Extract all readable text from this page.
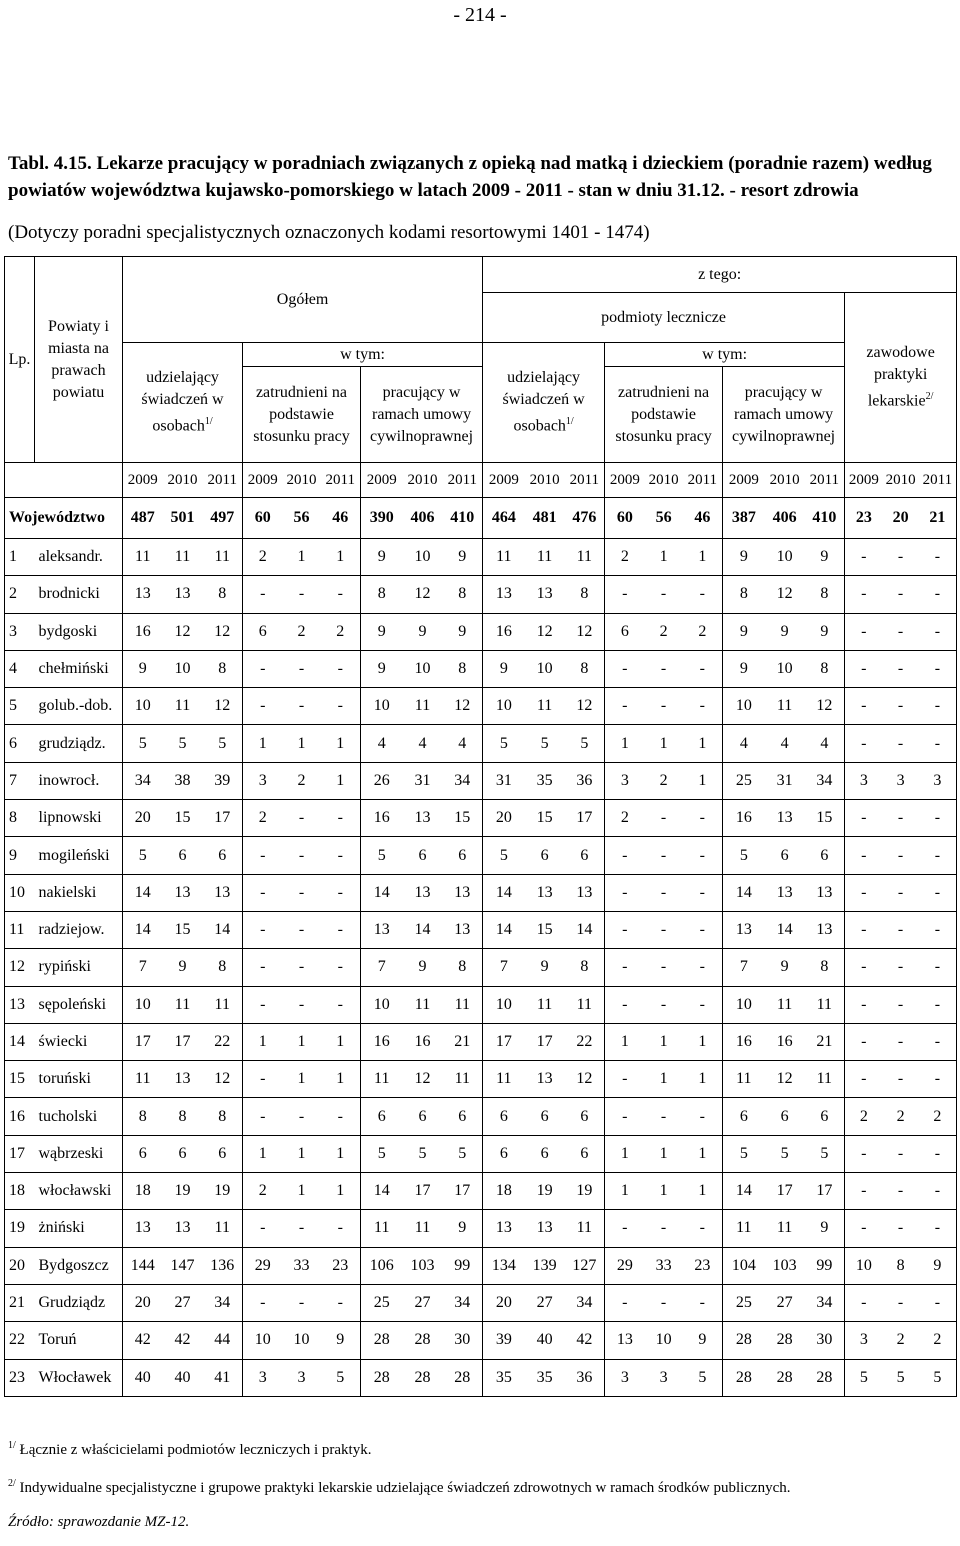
- 214 -
Tabl. 4.15. Lekarze pracujący w poradniach związanych z opieką nad matką i dzieckiem (poradnie razem) według powiatów województwa kujawsko-pomorskiego w latach 2009 - 2011 - stan w dniu 31.12. - resort zdrowia
(Dotyczy poradni specjalistycznych oznaczonych kodami resortowymi 1401 - 1474)
Lp.	Powiaty i miasta na prawach powiatu	Ogółem									z tego:											
											podmioty lecznicze									zawodowe praktyki lekarskie$^{2/}$
		udzielający świadczeń w osobach$^{1/}$			w tym:						udzielający świadczeń w osobach$^{1/}$			w tym:								
					zatrudnieni na podstawie stosunku pracy			pracujący w ramach umowy cywilnoprawnej						zatrudnieni na podstawie stosunku pracy			pracujący w ramach umowy cywilnoprawnej					
		2009	2010	2011	2009	2010	2011	2009	2010	2011	2009	2010	2011	2009	2010	2011	2009	2010	2011	2009	2010	2011
Województwo		487	501	497	60	56	46	390	406	410	464	481	476	60	56	46	387	406	410	23	20	21
1	aleksandr.	11	11	11	2	1	1	9	10	9	11	11	11	2	1	1	9	10	9	-	-	-
2	brodnicki	13	13	8	-	-	-	8	12	8	13	13	8	-	-	-	8	12	8	-	-	-
3	bydgoski	16	12	12	6	2	2	9	9	9	16	12	12	6	2	2	9	9	9	-	-	-
4	chełmiński	9	10	8	-	-	-	9	10	8	9	10	8	-	-	-	9	10	8	-	-	-
5	golub.-dob.	10	11	12	-	-	-	10	11	12	10	11	12	-	-	-	10	11	12	-	-	-
6	grudziądz.	5	5	5	1	1	1	4	4	4	5	5	5	1	1	1	4	4	4	-	-	-
7	inowrocł.	34	38	39	3	2	1	26	31	34	31	35	36	3	2	1	25	31	34	3	3	3
8	lipnowski	20	15	17	2	-	-	16	13	15	20	15	17	2	-	-	16	13	15	-	-	-
9	mogileński	5	6	6	-	-	-	5	6	6	5	6	6	-	-	-	5	6	6	-	-	-
10	nakielski	14	13	13	-	-	-	14	13	13	14	13	13	-	-	-	14	13	13	-	-	-
11	radziejow.	14	15	14	-	-	-	13	14	13	14	15	14	-	-	-	13	14	13	-	-	-
12	rypiński	7	9	8	-	-	-	7	9	8	7	9	8	-	-	-	7	9	8	-	-	-
13	sępoleński	10	11	11	-	-	-	10	11	11	10	11	11	-	-	-	10	11	11	-	-	-
14	świecki	17	17	22	1	1	1	16	16	21	17	17	22	1	1	1	16	16	21	-	-	-
15	toruński	11	13	12	-	1	1	11	12	11	11	13	12	-	1	1	11	12	11	-	-	-
16	tucholski	8	8	8	-	-	-	6	6	6	6	6	6	-	-	-	6	6	6	2	2	2
17	wąbrzeski	6	6	6	1	1	1	5	5	5	6	6	6	1	1	1	5	5	5	-	-	-
18	włocławski	18	19	19	2	1	1	14	17	17	18	19	19	1	1	1	14	17	17	-	-	-
19	żniński	13	13	11	-	-	-	11	11	9	13	13	11	-	-	-	11	11	9	-	-	-
20	Bydgoszcz	144	147	136	29	33	23	106	103	99	134	139	127	29	33	23	104	103	99	10	8	9
21	Grudziądz	20	27	34	-	-	-	25	27	34	20	27	34	-	-	-	25	27	34	-	-	-
22	Toruń	42	42	44	10	10	9	28	28	30	39	40	42	13	10	9	28	28	30	3	2	2
23	Włocławek	40	40	41	3	3	5	28	28	28	35	35	36	3	3	5	28	28	28	5	5	5
$^{1/}$ Łącznie z właścicielami podmiotów leczniczych i praktyk.
$^{2/}$ Indywidualne specjalistyczne i grupowe praktyki lekarskie udzielające świadczeń zdrowotnych w ramach środków publicznych.
Źródło: sprawozdanie MZ-12.
